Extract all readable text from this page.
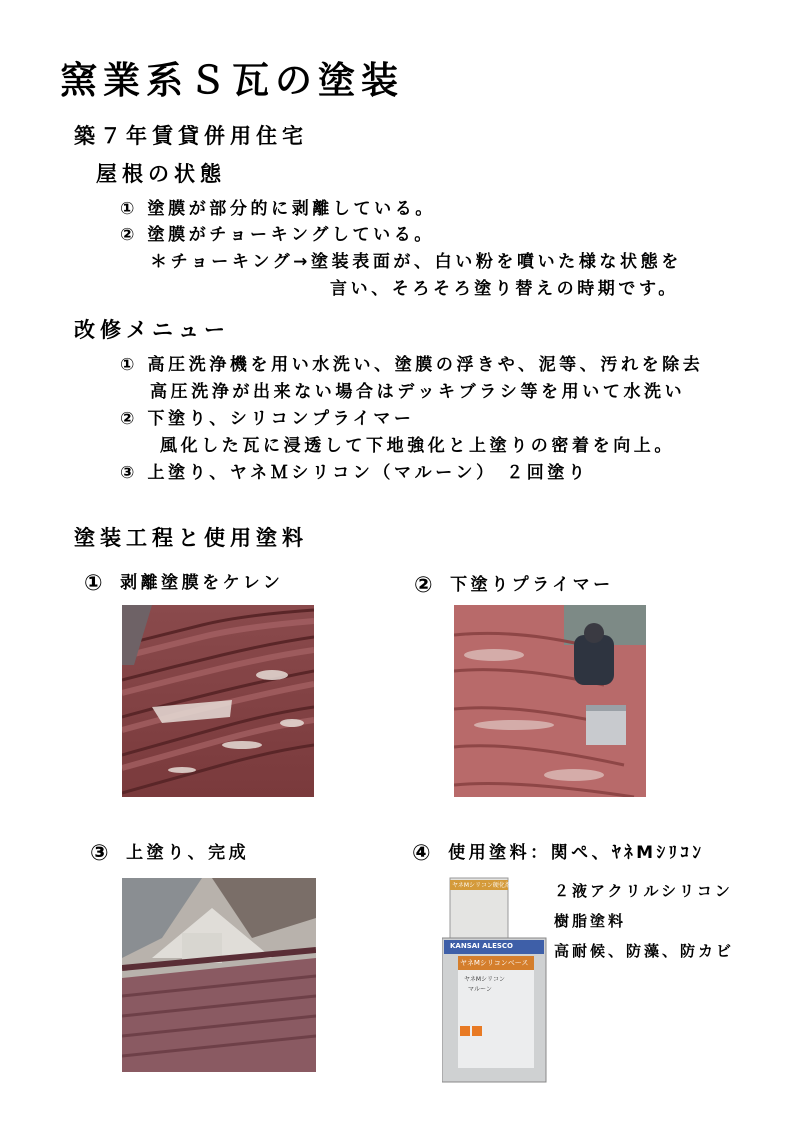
窯業系Ｓ瓦の塗装
築７年賃貸併用住宅
屋根の状態
① 塗膜が部分的に剥離している。
② 塗膜がチョーキングしている。
＊チョーキング→塗装表面が、白い粉を噴いた様な状態を
言い、そろそろ塗り替えの時期です。
改修メニュー
① 高圧洗浄機を用い水洗い、塗膜の浮きや、泥等、汚れを除去
高圧洗浄が出来ない場合はデッキブラシ等を用いて水洗い
② 下塗り、シリコンプライマー
風化した瓦に浸透して下地強化と上塗りの密着を向上。
③ 上塗り、ヤネＭシリコン（マルーン） ２回塗り
塗装工程と使用塗料
① 剥離塗膜をケレン	② 下塗りプライマー
③ 上塗り、完成	④ 使用塗料：関ペ、ﾔﾈMｼﾘｺﾝ
ヤネMシリコン硬化剤
KANSAI ALESCO
ヤネMシリコンベース
ヤネMシリコン
マルーン
２液アクリルシリコン
樹脂塗料
高耐候、防藻、防カビ
